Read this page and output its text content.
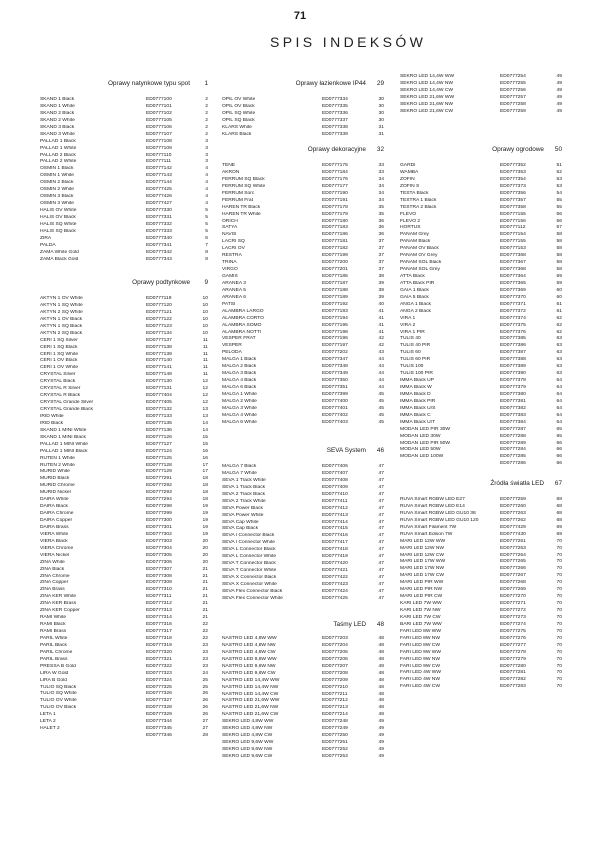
71
SPIS INDEKSÓW
Oprawy natynkowe typu spot	1
SKAND 1 Black	ED0777100	2
SKAND 1 White	ED0777101	2
SKAND 2 Black	ED0777102	2
SKAND 2 White	ED0777105	2
SKAND 3 Black	ED0777106	2
SKAND 3 White	ED0777107	2
PALLAD 1 Black	ED0777108	3
PALLAD 1 White	ED0777109	3
PALLAD 2 Black	ED0777110	3
PALLAD 2 White	ED0777111	3
OSMIN 1 Black	ED0777142	4
OSMIN 1 White	ED0777143	4
OSMIN 2 Black	ED0777144	4
OSMIN 2 White	ED0777425	4
OSMIN 3 Black	ED0777426	4
OSMIN 3 White	ED0777427	4
HALIS OV White	ED0777330	5
HALIS OV Black	ED0777331	5
HALIS SQ White	ED0777332	5
HALIS SQ Black	ED0777333	5
ZIRA	ED0777340	6
PALDA	ED0777341	7
ZAMA White Gold	ED0777342	8
ZAMA Black Gold	ED0777343	8
Oprawy podtynkowe	9
AKTYN 1 OV White	ED0777119	10
AKTYN 1 SQ White	ED0777120	10
AKTYN 2 SQ White	ED0777121	10
AKTYN 1 OV Black	ED0777122	10
AKTYN 1 SQ Black	ED0777123	10
AKTYN 2 SQ Black	ED0777134	10
CERI 1 SQ Silver	ED0777137	11
CERI 1 SQ Black	ED0777138	11
CERI 1 SQ White	ED0777139	11
CERI 1 OV Black	ED0777140	11
CERI 1 OV White	ED0777141	11
CRYSTAL Silver	ED0777149	11
CRYSTAL Black	ED0777130	12
CRYSTAL R Silver	ED0777131	12
CRYSTAL R Black	ED0777404	12
CRYSTAL Grande Silver	ED0777405	12
CRYSTAL Grande Black	ED0777132	13
IRID White	ED0777133	13
IRID Black	ED0777135	14
SKAND 1 MINI White	ED0777136	14
SKAND 1 MINI Black	ED0777126	15
PALLAD 1 MINI White	ED0777127	15
PALLAD 1 MINI Black	ED0777124	16
RUTEN 1 White	ED0777125	16
RUTEN 2 White	ED0777128	17
MURID White	ED0777129	17
MURID Black	ED0777291	18
MURID Chrome	ED0777292	18
MURID Nickel	ED0777293	18
DAIRA White	ED0777294	18
DAIRA Black	ED0777298	19
DAIRA Chrome	ED0777299	19
DAIRA Copper	ED0777300	19
DAIRA Brass	ED0777301	19
VIERA White	ED0777302	19
VIERA Black	ED0777303	20
VIERA Chrome	ED0777304	20
VIERA Nickel	ED0777305	20
ZINA White	ED0777306	20
ZINA Black	ED0777307	21
ZINA Chrome	ED0777308	21
ZINA Copper	ED0777309	21
ZINA Brass	ED0777310	21
ZINA KER White	ED0777311	21
ZINA KER Brass	ED0777312	21
ZINA KER Copper	ED0777313	21
RAMI White	ED0777314	21
RAMI Black	ED0777316	22
RAMI Brass	ED0777317	22
PARIL White	ED0777318	22
PARIL Black	ED0777319	23
PARIL Chrome	ED0777320	23
PARIL Brass	ED0777321	23
PRESSA B Gold	ED0777322	23
LIRA W Gold	ED0777323	24
LIRA B Gold	ED0777324	25
TULIO SQ Black	ED0777325	25
TULIO SQ White	ED0777326	26
TULIO OV White	ED0777327	26
TULIO OV Black	ED0777328	26
LETA 1	ED0777329	26
LETA 2	ED0777344	27
HALET 2	ED0777345	27
ED0777346	28
Oprawy łazienkowe IP44	29
OPIL OV White	ED0777334	30
OPIL OV Black	ED0777335	30
OPIL SQ White	ED0777336	30
OPIL SQ Black	ED0777337	30
KLARS White	ED0777338	31
KLARS Black	ED0777339	31
Oprawy dekoracyjne	32
TENE	ED0777175	33
AKRON	ED0777184	33
FERRUM SQ Black	ED0777176	34
FERRUM SQ White	ED0777177	34
FERRUM Sorc	ED0777190	34
FERRUM Frat	ED0777191	34
HAREN TR Black	ED0777178	35
HAREN TR White	ED0777179	35
ORICH	ED0777180	36
SATYA	ED0777183	36
NAVIS	ED0777186	36
LACRI SQ	ED0777181	37
LACRI OV	ED0777182	37
RESTRA	ED0777199	37
TRINA	ED0777200	37
VIRGO	ED0777201	37
GAMIS	ED0777185	38
ARANEA 3	ED0777187	39
ARANEA 5	ED0777188	39
ARANEA 6	ED0777189	39
PATSI	ED0777192	40
ALAMBRA LARGO	ED0777193	41
ALAMBRA CORTO	ED0777194	41
ALAMBRA SOMO	ED0777195	41
ALAMBRA NOTTI	ED0777198	41
VESPER FRAT	ED0777196	42
VESPER	ED0777197	42
PELODA	ED0777202	43
MALGA 1 Black	ED0777347	44
MALGA 2 Black	ED0777348	44
MALGA 3 Black	ED0777349	44
MALGA 4 Black	ED0777350	44
MALGA 6 Black	ED0777351	44
MALGA 1 White	ED0777399	45
MALGA 2 White	ED0777400	45
MALGA 3 White	ED0777401	45
MALGA 4 White	ED0777402	45
MALGA 6 White	ED0777403	45
SEVA System	46
MALGA 7 Black	ED0777406	47
MALGA 7 White	ED0777407	47
SEVA 1 Track White	ED0777408	47
SEVA 1 Track Black	ED0777409	47
SEVA 2 Track Black	ED0777410	47
SEVA 2 Track White	ED0777411	47
SEVA Power Black	ED0777412	47
SEVA Power White	ED0777413	47
SEVA Cap White	ED0777414	47
SEVA Cap Black	ED0777415	47
SEVA I Connector Black	ED0777416	47
SEVA I Connector White	ED0777417	47
SEVA L Connector Black	ED0777418	47
SEVA L Connector White	ED0777419	47
SEVA T Connector Black	ED0777420	47
SEVA T Connector White	ED0777421	47
SEVA X Connector Black	ED0777422	47
SEVA X Connector White	ED0777423	47
SEVA Flex Connector Black	ED0777424	47
SEVA Flex Connector White	ED0777425	47
Taśmy LED	48
NASTRO LED 4,8W WW	ED0777203	48
NASTRO LED 4,8W NW	ED0777204	48
NASTRO LED 4,8W CW	ED0777205	48
NASTRO LED 9,6W WW	ED0777206	48
NASTRO LED 9,6W NW	ED0777207	48
NASTRO LED 9,6W CW	ED0777208	48
NASTRO LED 14,4W WW	ED0777209	48
NASTRO LED 14,4W NW	ED0777210	48
NASTRO LED 14,4W CW	ED0777211	48
NASTRO LED 21,6W WW	ED0777212	48
NASTRO LED 21,6W NW	ED0777213	48
NASTRO LED 21,6W CW	ED0777214	48
SEKRO LED 4,8W WW	ED0777248	49
SEKRO LED 4,8W NW	ED0777249	49
SEKRO LED 4,8W CW	ED0777250	49
SEKRO LED 9,6W WW	ED0777251	49
SEKRO LED 9,6W NW	ED0777252	49
SEKRO LED 9,6W CW	ED0777253	49
SEKRO LED 14,4W WW	ED0777254	49
SEKRO LED 14,4W NW	ED0777255	49
SEKRO LED 14,4W CW	ED0777256	49
SEKRO LED 21,6W WW	ED0777257	49
SEKRO LED 21,6W NW	ED0777258	49
SEKRO LED 21,6W CW	ED0777259	49
Oprawy ogrodowe	50
GARDI	ED0777352	51
WAMBA	ED0777353	52
ZOFIN	ED0777354	53
ZOFIN S	ED0777373	53
TESTA Black	ED0777356	54
TESTRA 1 Black	ED0777357	55
TESTRA 2 Black	ED0777358	55
FLEVO	ED0777155	56
FLEVO 2	ED0777156	56
HORTUS	ED0777112	57
PANAM Grey	ED0777154	58
PANAM Black	ED0777155	58
PANAM OV Black	ED0777153	58
PANAM OV Grey	ED0777368	58
PANAM SOL Black	ED0777367	58
PANAM SOL Grey	ED0777368	58
ATTA Black	ED0777364	59
ATTA Black PIR	ED0777365	59
GAIA 1 Black	ED0777369	60
GAIA 5 Black	ED0777370	60
ANGA 1 Black	ED0777371	61
ANGA 2 Black	ED0777372	61
VIRA 1	ED0777374	62
VIRA 2	ED0777375	62
VIRA 1 PIR	ED0777376	62
TULIS 40	ED0777385	63
TULIS 40 PIR	ED0777386	63
TULIS 60	ED0777387	63
TULIS 60 PIR	ED0777388	63
TULIS 100	ED0777389	63
TULIS 100 PIR	ED0777390	63
IMMA Black UP	ED0777378	64
IMMA Black W	ED0777379	64
IMMA Black D	ED0777380	64
IMMA Black PIR	ED0777381	64
IMMA Black U/S	ED0777382	64
IMMA Black C	ED0777383	64
IMMA Black U/T	ED0777384	64
MODAN LED PIR 30W	ED0777287	65
MODAN LED 30W	ED0777288	65
MODAN LED PIR 50W	ED0777289	66
MODAN LED 50W	ED0777284	66
MODAN LED 100W	ED0777285	66
ED0777286	66
Źródła światła LED	67
RUVA Smart RGBW LED E27	ED0777259	68
RUVA Smart RGBW LED E14	ED0777260	68
RUVA Smart RGBW LED GU10 38	ED0777263	68
RUVA Smart RGBW LED GU10 120	ED0777262	68
RUVA Smart Filament 7W	ED0777429	69
RUVA Smart Edison 7W	ED0777430	69
MARI LED 12W WW	ED0777261	70
MARI LED 12W NW	ED0777263	70
MARI LED 12W CW	ED0777264	70
MARI LED 17W WW	ED0777265	70
MARI LED 17W NW	ED0777266	70
MARI LED 17W CW	ED0777267	70
MARI LED PIR WW	ED0777268	70
MARI LED PIR NW	ED0777269	70
MARI LED PIR CW	ED0777270	70
KARI LED 7W WW	ED0777271	70
KARI LED 7W NW	ED0777272	70
KARI LED 7W CW	ED0777273	70
BARI LED 7W WW	ED0777274	70
FARI LED 8W WW	ED0777275	70
FARI LED 8W NW	ED0777276	70
FARI LED 8W CW	ED0777277	70
FARI LED 9W WW	ED0777278	70
FARI LED 9W NW	ED0777279	70
FARI LED 9W CW	ED0777280	70
FARI LED 4W WW	ED0777281	70
FARI LED 4W NW	ED0777282	70
FARI LED 4W CW	ED0777283	70
